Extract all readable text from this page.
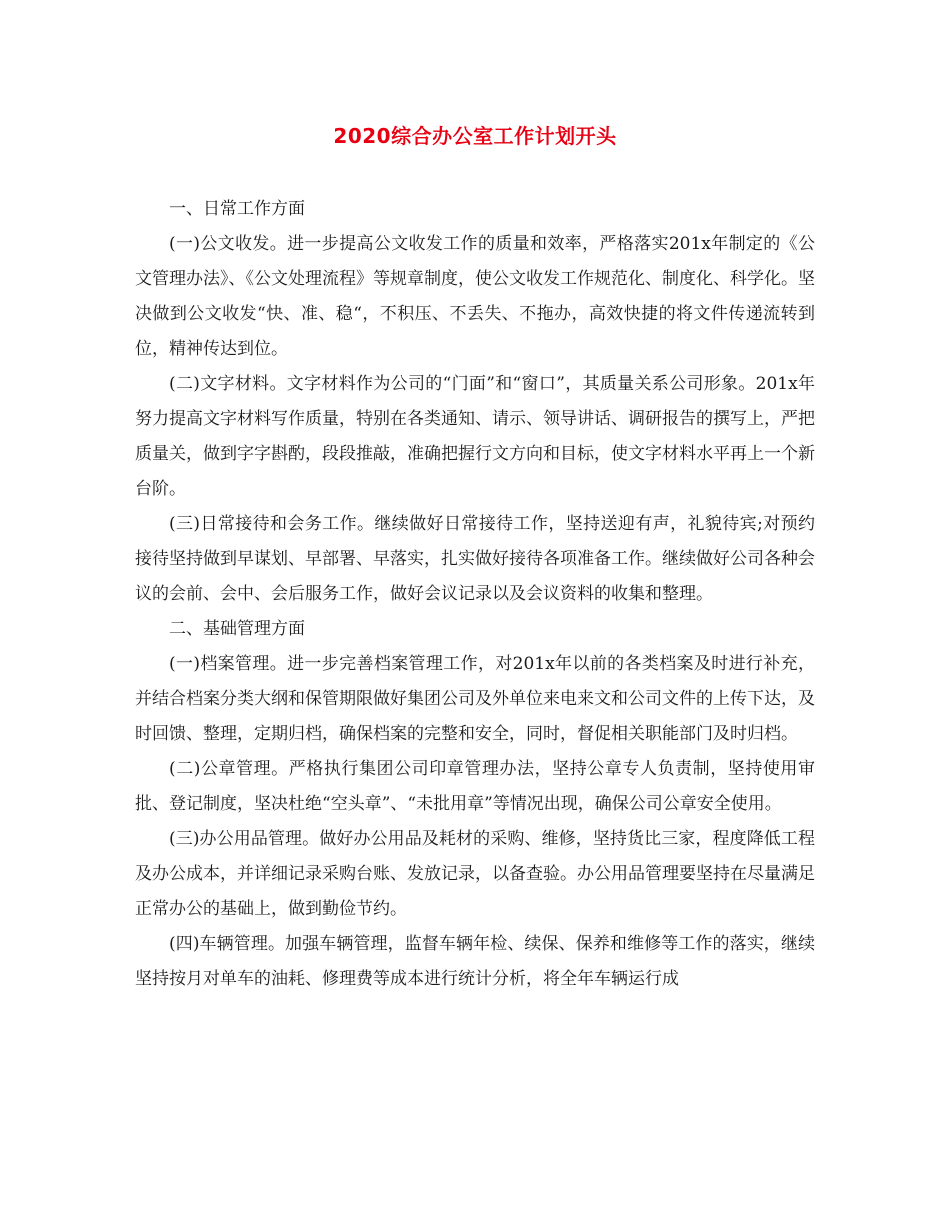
2020综合办公室工作计划开头

一、日常工作方面

(一)公文收发。进一步提高公文收发工作的质量和效率，严格落实201x年制定的《公文管理办法》、《公文处理流程》等规章制度，使公文收发工作规范化、制度化、科学化。坚决做到公文收发“快、准、稳“，不积压、不丢失、不拖办，高效快捷的将文件传递流转到位，精神传达到位。

(二)文字材料。文字材料作为公司的“门面”和“窗口”，其质量关系公司形象。201x年努力提高文字材料写作质量，特别在各类通知、请示、领导讲话、调研报告的撰写上，严把质量关，做到字字斟酌，段段推敲，准确把握行文方向和目标，使文字材料水平再上一个新台阶。

(三)日常接待和会务工作。继续做好日常接待工作，坚持送迎有声，礼貌待宾;对预约接待坚持做到早谋划、早部署、早落实，扎实做好接待各项准备工作。继续做好公司各种会议的会前、会中、会后服务工作，做好会议记录以及会议资料的收集和整理。

二、基础管理方面

(一)档案管理。进一步完善档案管理工作，对201x年以前的各类档案及时进行补充，并结合档案分类大纲和保管期限做好集团公司及外单位来电来文和公司文件的上传下达，及时回馈、整理，定期归档，确保档案的完整和安全，同时，督促相关职能部门及时归档。

(二)公章管理。严格执行集团公司印章管理办法，坚持公章专人负责制，坚持使用审批、登记制度，坚决杜绝“空头章”、“未批用章”等情况出现，确保公司公章安全使用。

(三)办公用品管理。做好办公用品及耗材的采购、维修，坚持货比三家，程度降低工程及办公成本，并详细记录采购台账、发放记录，以备查验。办公用品管理要坚持在尽量满足正常办公的基础上，做到勤俭节约。

(四)车辆管理。加强车辆管理，监督车辆年检、续保、保养和维修等工作的落实，继续坚持按月对单车的油耗、修理费等成本进行统计分析，将全年车辆运行成
